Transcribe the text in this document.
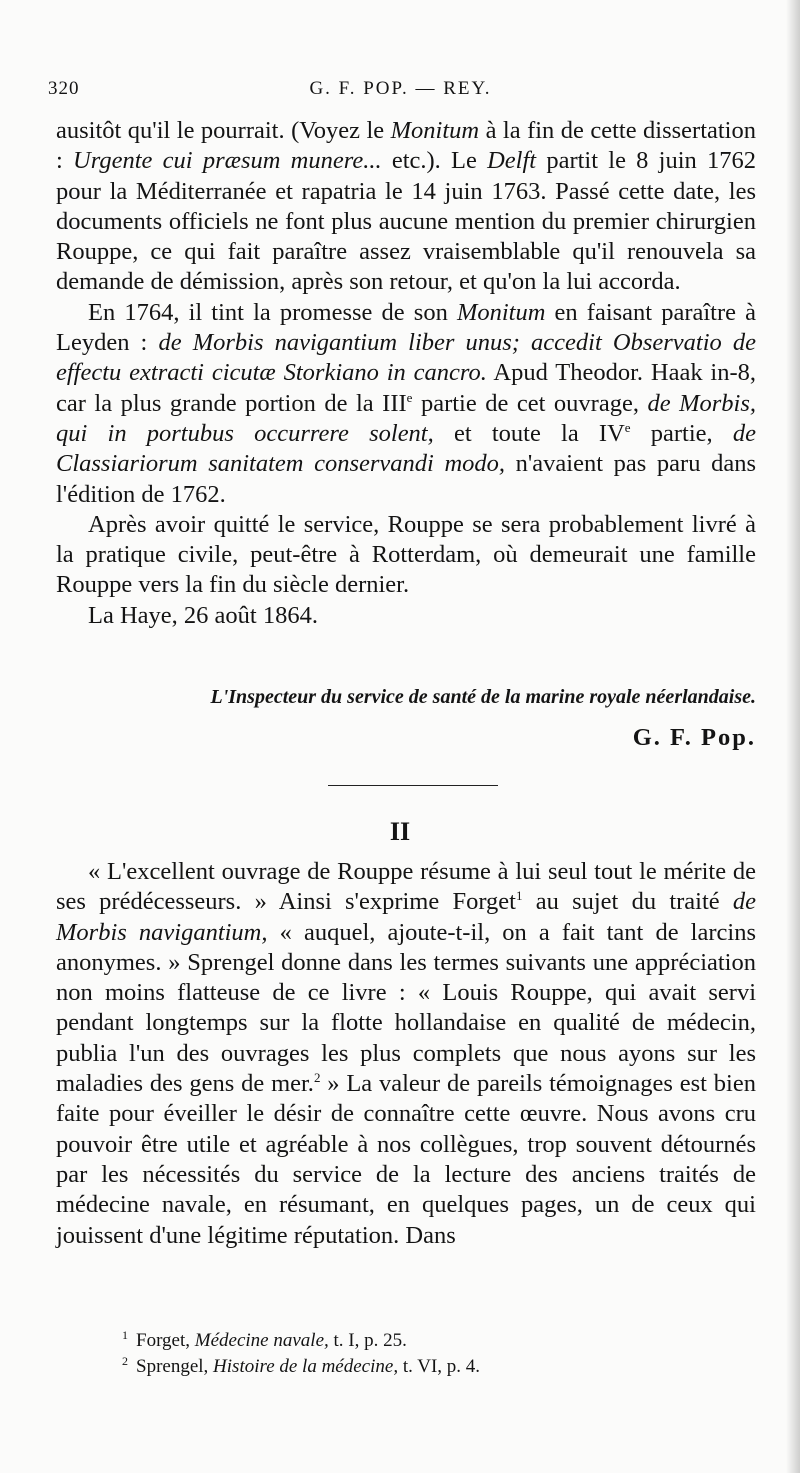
320	G. F. POP. — REY.

ausitôt qu'il le pourrait. (Voyez le Monitum à la fin de cette dissertation : Urgente cui præsum munere... etc.). Le Delft partit le 8 juin 1762 pour la Méditerranée et rapatria le 14 juin 1763. Passé cette date, les documents officiels ne font plus aucune mention du premier chirurgien Rouppe, ce qui fait paraître assez vraisemblable qu'il renouvela sa demande de démission, après son retour, et qu'on la lui accorda.

En 1764, il tint la promesse de son Monitum en faisant paraître à Leyden : de Morbis navigantium liber unus; accedit Observatio de effectu extracti cicutæ Storkiano in cancro. Apud Theodor. Haak in-8, car la plus grande portion de la IIIe partie de cet ouvrage, de Morbis, qui in portubus occurrere solent, et toute la IVe partie, de Classiariorum sanitatem conservandi modo, n'avaient pas paru dans l'édition de 1762.

Après avoir quitté le service, Rouppe se sera probablement livré à la pratique civile, peut-être à Rotterdam, où demeurait une famille Rouppe vers la fin du siècle dernier.

La Haye, 26 août 1864.

L'Inspecteur du service de santé de la marine royale néerlandaise.
G. F. Pop.
II

« L'excellent ouvrage de Rouppe résume à lui seul tout le mérite de ses prédécesseurs. » Ainsi s'exprime Forget$^1$ au sujet du traité de Morbis navigantium, « auquel, ajoute-t-il, on a fait tant de larcins anonymes. » Sprengel donne dans les termes suivants une appréciation non moins flatteuse de ce livre : « Louis Rouppe, qui avait servi pendant longtemps sur la flotte hollandaise en qualité de médecin, publia l'un des ouvrages les plus complets que nous ayons sur les maladies des gens de mer.$^2$ » La valeur de pareils témoignages est bien faite pour éveiller le désir de connaître cette œuvre. Nous avons cru pouvoir être utile et agréable à nos collègues, trop souvent détournés par les nécessités du service de la lecture des anciens traités de médecine navale, en résumant, en quelques pages, un de ceux qui jouissent d'une légitime réputation. Dans

$^1$ Forget, Médecine navale, t. I, p. 25.

$^2$ Sprengel, Histoire de la médecine, t. VI, p. 4.
